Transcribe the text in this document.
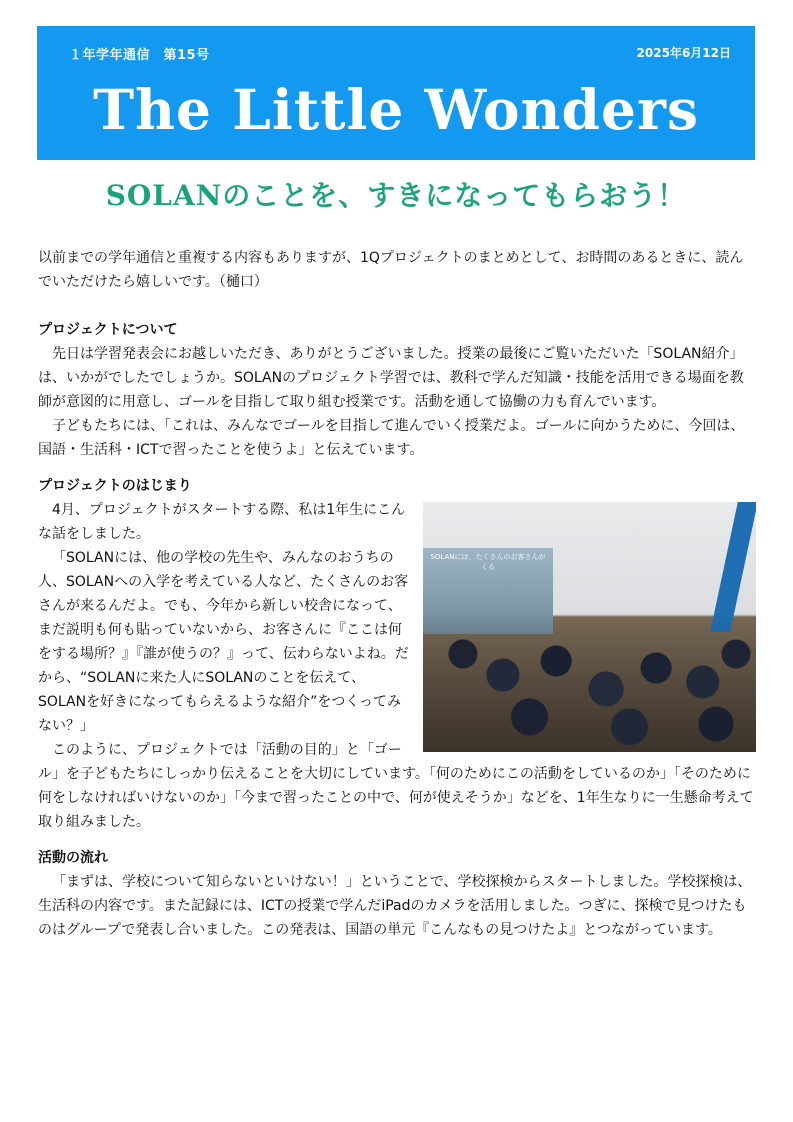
１年学年通信　第15号	2025年6月12日
The Little Wonders
SOLANのことを、すきになってもらおう！

以前までの学年通信と重複する内容もありますが、1Qプロジェクトのまとめとして、お時間のあるときに、読んでいただけたら嬉しいです。（樋口）

プロジェクトについて

先日は学習発表会にお越しいただき、ありがとうございました。授業の最後にご覧いただいた「SOLAN紹介」は、いかがでしたでしょうか。SOLANのプロジェクト学習では、教科で学んだ知識・技能を活用できる場面を教師が意図的に用意し、ゴールを目指して取り組む授業です。活動を通して協働の力も育んでいます。

子どもたちには、「これは、みんなでゴールを目指して進んでいく授業だよ。ゴールに向かうために、今回は、国語・生活科・ICTで習ったことを使うよ」と伝えています。

プロジェクトのはじまり
SOLANには、たくさんのお客さんがくる

4月、プロジェクトがスタートする際、私は1年生にこんな話をしました。

「SOLANには、他の学校の先生や、みんなのおうちの人、SOLANへの入学を考えている人など、たくさんのお客さんが来るんだよ。でも、今年から新しい校舎になって、まだ説明も何も貼っていないから、お客さんに『ここは何をする場所？』『誰が使うの？』って、伝わらないよね。だから、“SOLANに来た人にSOLANのことを伝えて、SOLANを好きになってもらえるような紹介”をつくってみない？」

このように、プロジェクトでは「活動の目的」と「ゴール」を子どもたちにしっかり伝えることを大切にしています。「何のためにこの活動をしているのか」「そのために何をしなければいけないのか」「今まで習ったことの中で、何が使えそうか」などを、1年生なりに一生懸命考えて取り組みました。

活動の流れ

「まずは、学校について知らないといけない！」ということで、学校探検からスタートしました。学校探検は、生活科の内容です。また記録には、ICTの授業で学んだiPadのカメラを活用しました。つぎに、探検で見つけたものはグループで発表し合いました。この発表は、国語の単元『こんなもの見つけたよ』とつながっています。
